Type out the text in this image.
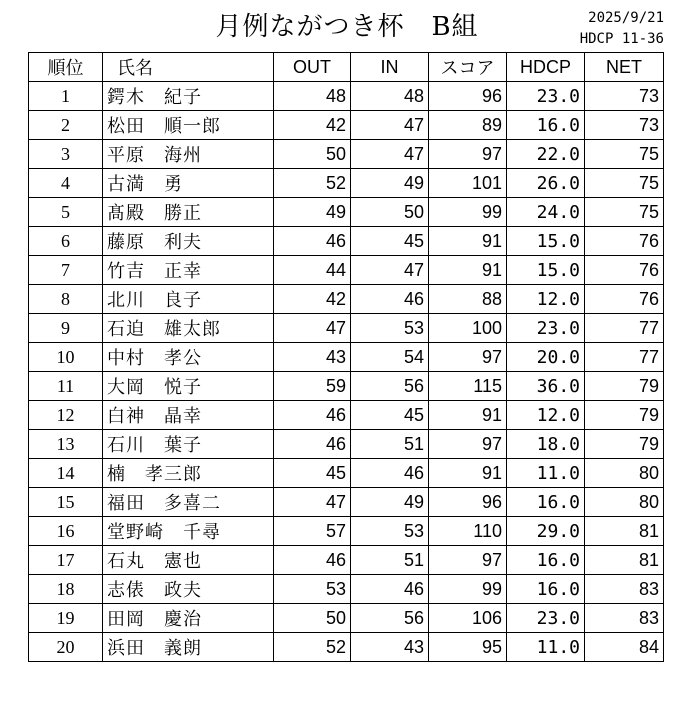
月例ながつき杯　B組	2025/9/21
HDCP 11-36
順位	氏名	OUT	IN	スコア	HDCP	NET
1	鍔木　紀子	48	48	96	23.0	73
2	松田　順一郎	42	47	89	16.0	73
3	平原　海州	50	47	97	22.0	75
4	古満　勇	52	49	101	26.0	75
5	髙殿　勝正	49	50	99	24.0	75
6	藤原　利夫	46	45	91	15.0	76
7	竹吉　正幸	44	47	91	15.0	76
8	北川　良子	42	46	88	12.0	76
9	石迫　雄太郎	47	53	100	23.0	77
10	中村　孝公	43	54	97	20.0	77
11	大岡　悦子	59	56	115	36.0	79
12	白神　晶幸	46	45	91	12.0	79
13	石川　葉子	46	51	97	18.0	79
14	楠　孝三郎	45	46	91	11.0	80
15	福田　多喜二	47	49	96	16.0	80
16	堂野崎　千尋	57	53	110	29.0	81
17	石丸　憲也	46	51	97	16.0	81
18	志俵　政夫	53	46	99	16.0	83
19	田岡　慶治	50	56	106	23.0	83
20	浜田　義朗	52	43	95	11.0	84
